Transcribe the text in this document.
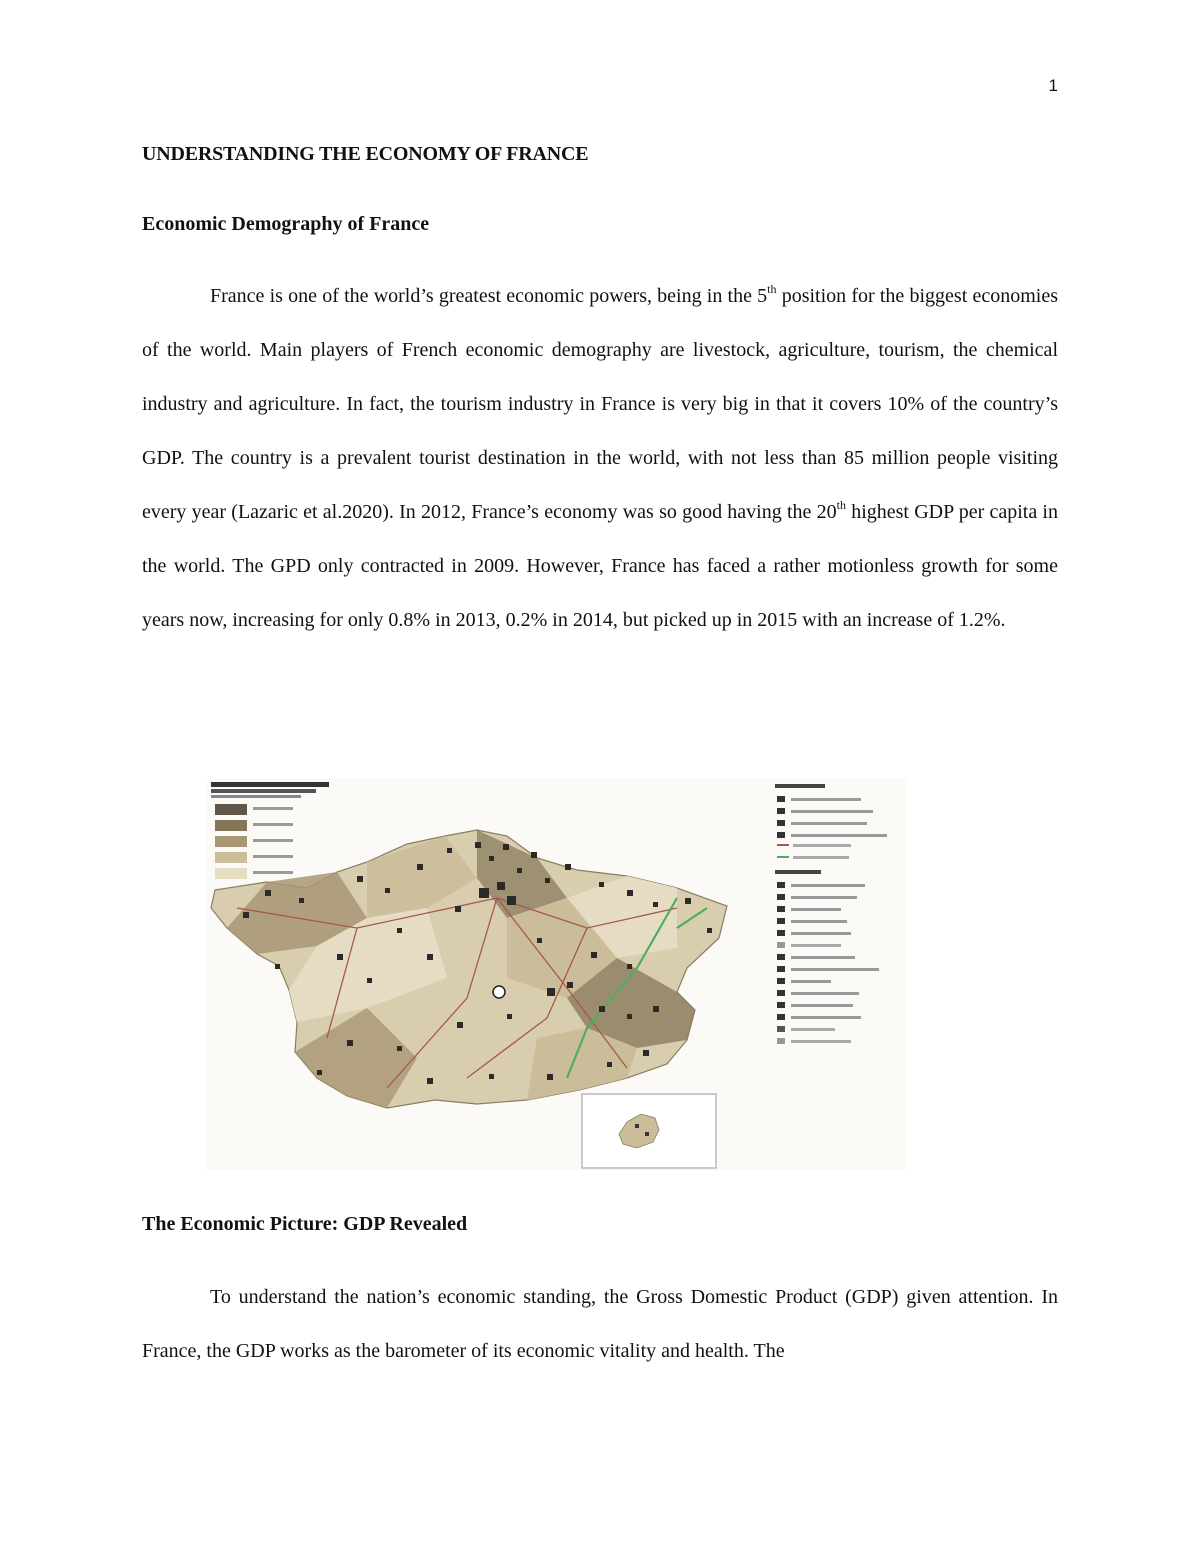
1
UNDERSTANDING THE ECONOMY OF FRANCE
Economic Demography of France

France is one of the world’s greatest economic powers, being in the 5th position for the biggest economies of the world. Main players of French economic demography are livestock, agriculture, tourism, the chemical industry and agriculture. In fact, the tourism industry in France is very big in that it covers 10% of the country’s GDP. The country is a prevalent tourist destination in the world, with not less than 85 million people visiting every year (Lazaric et al.2020). In 2012, France’s economy was so good having the 20th highest GDP per capita in the world. The GPD only contracted in 2009. However, France has faced a rather motionless growth for some years now, increasing for only 0.8% in 2013, 0.2% in 2014, but picked up in 2015 with an increase of 1.2%.

The Economic Picture: GDP Revealed

To understand the nation’s economic standing, the Gross Domestic Product (GDP) given attention. In France, the GDP works as the barometer of its economic vitality and health. The
